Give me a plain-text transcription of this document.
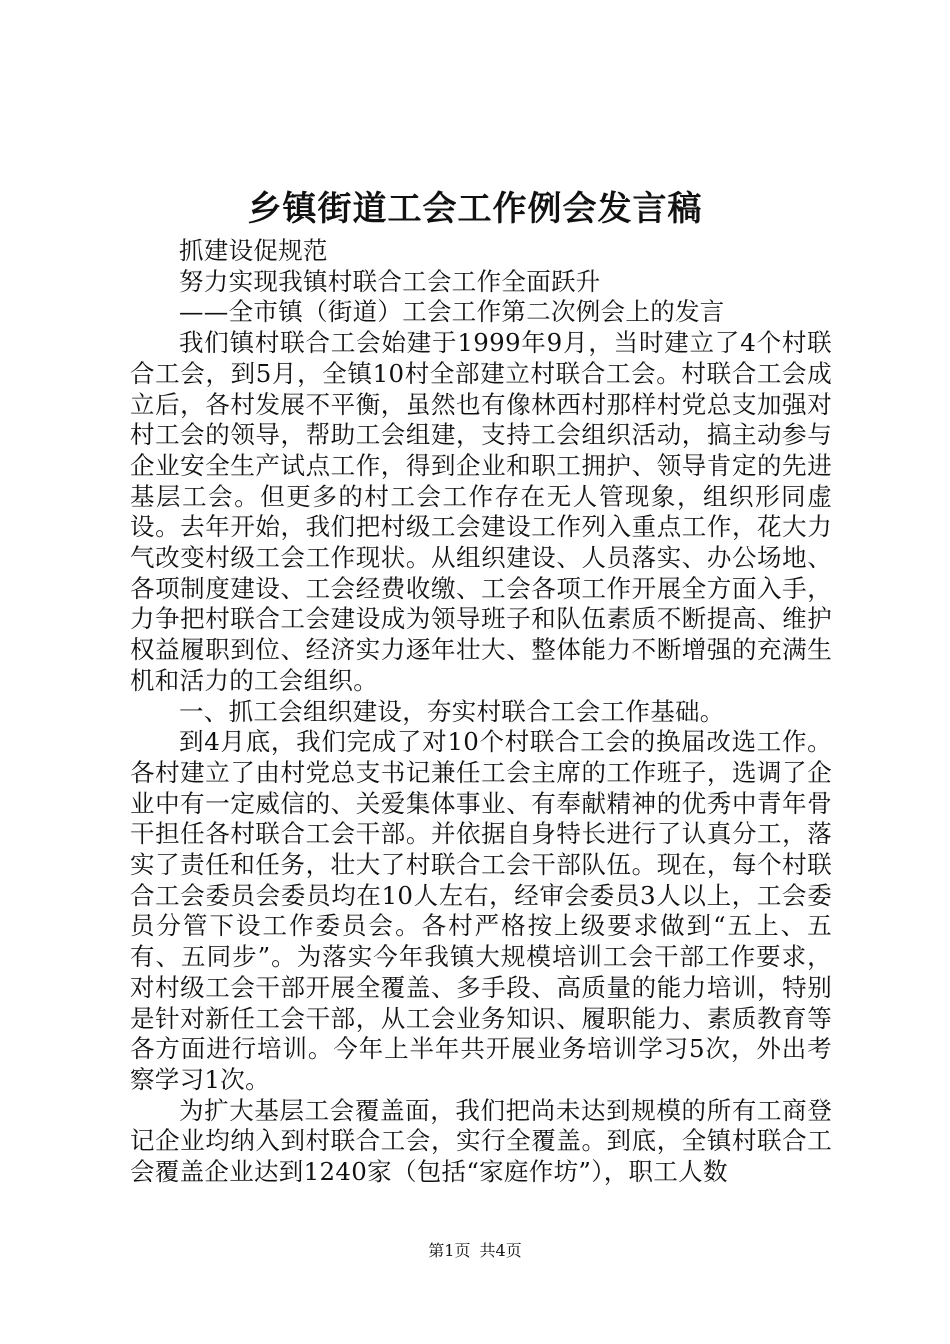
乡镇街道工会工作例会发言稿

抓建设促规范

努力实现我镇村联合工会工作全面跃升

——全市镇（街道）工会工作第二次例会上的发言

我们镇村联合工会始建于1999年9月，当时建立了4个村联合工会，到5月，全镇10村全部建立村联合工会。村联合工会成立后，各村发展不平衡，虽然也有像林西村那样村党总支加强对村工会的领导，帮助工会组建，支持工会组织活动，搞主动参与企业安全生产试点工作，得到企业和职工拥护、领导肯定的先进基层工会。但更多的村工会工作存在无人管现象，组织形同虚设。去年开始，我们把村级工会建设工作列入重点工作，花大力气改变村级工会工作现状。从组织建设、人员落实、办公场地、各项制度建设、工会经费收缴、工会各项工作开展全方面入手，力争把村联合工会建设成为领导班子和队伍素质不断提高、维护权益履职到位、经济实力逐年壮大、整体能力不断增强的充满生机和活力的工会组织。

一、抓工会组织建设，夯实村联合工会工作基础。

到4月底，我们完成了对10个村联合工会的换届改选工作。各村建立了由村党总支书记兼任工会主席的工作班子，选调了企业中有一定威信的、关爱集体事业、有奉献精神的优秀中青年骨干担任各村联合工会干部。并依据自身特长进行了认真分工，落实了责任和任务，壮大了村联合工会干部队伍。现在，每个村联合工会委员会委员均在10人左右，经审会委员3人以上，工会委员分管下设工作委员会。各村严格按上级要求做到“五上、五有、五同步”。为落实今年我镇大规模培训工会干部工作要求，对村级工会干部开展全覆盖、多手段、高质量的能力培训，特别是针对新任工会干部，从工会业务知识、履职能力、素质教育等各方面进行培训。今年上半年共开展业务培训学习5次，外出考察学习1次。

为扩大基层工会覆盖面，我们把尚未达到规模的所有工商登记企业均纳入到村联合工会，实行全覆盖。到底，全镇村联合工会覆盖企业达到1240家（包括“家庭作坊”），职工人数

第1页 共4页
